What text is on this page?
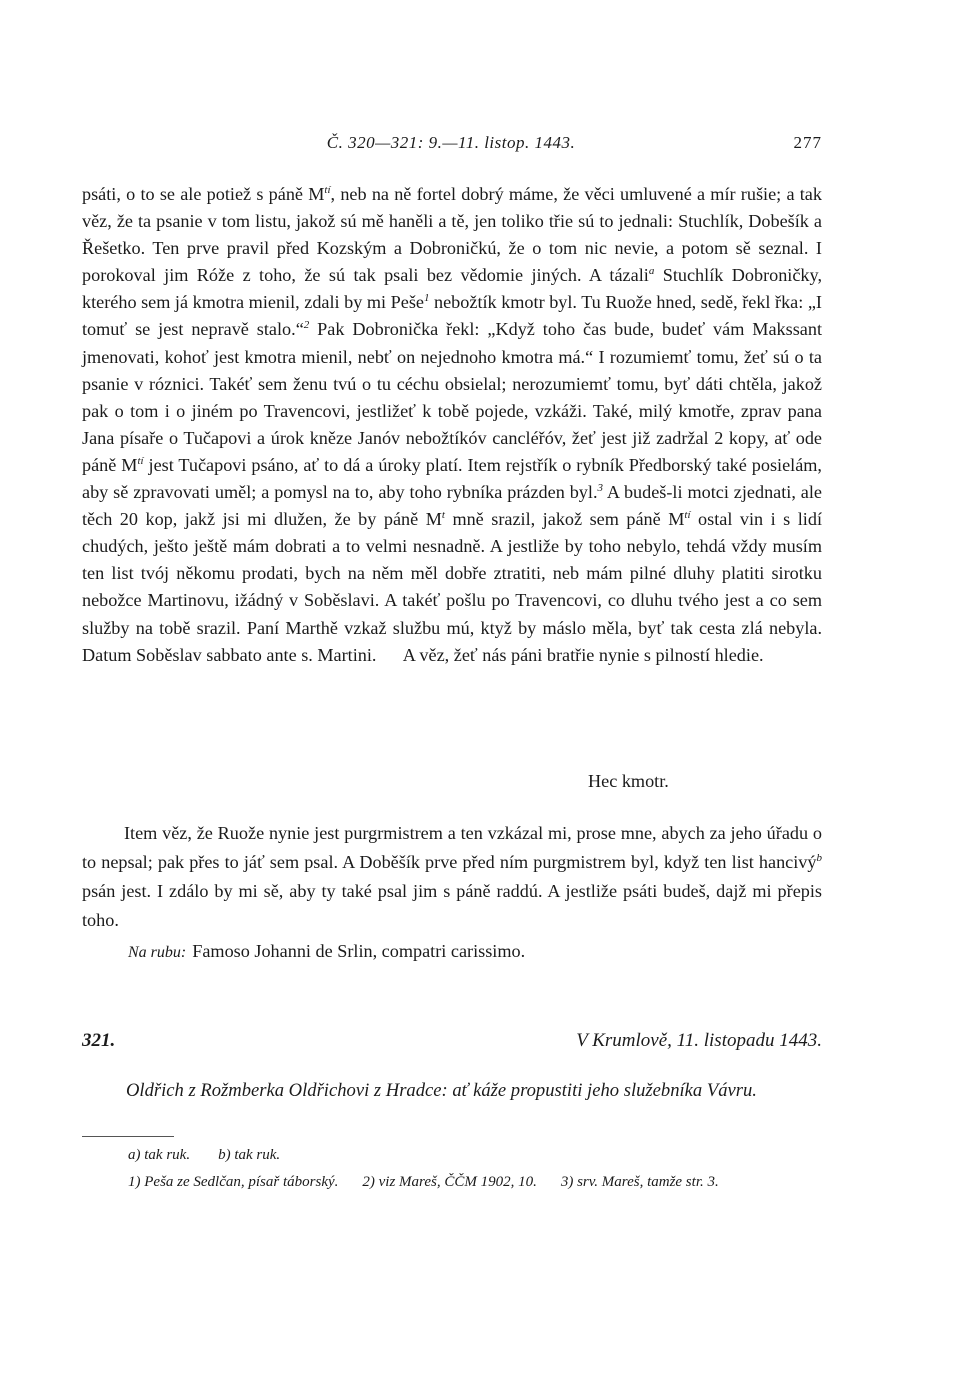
Č. 320—321: 9.—11. listop. 1443.	277

psáti, o to se ale potiež s páně $M^{tí}$, neb na ně fortel dobrý máme, že věci umluvené a mír rušie; a tak věz, že ta psanie v tom listu, jakož sú mě haněli a tě, jen toliko třie sú to jednali: Stuchlík, Dobešík a Řešetko. Ten prve pravil před Kozským a Dobroničkú, že o tom nic nevie, a potom sě seznal. I porokoval jim Róže z toho, že sú tak psali bez vědomie jiných. A tázali$^a$ Stuchlík Dobroničky, kterého sem já kmotra mienil, zdali by mi Peše$^1$ nebožtík kmotr byl. Tu Ruože hned, sedě, řekl řka: „I tomuť se jest nepravě stalo.“$^2$ Pak Dobronička řekl: „Když toho čas bude, budeť vám Makssant jmenovati, kohoť jest kmotra mienil, nebť on nejednoho kmotra má.“ I rozumiemť tomu, žeť sú o ta psanie v róznici. Takéť sem ženu tvú o tu céchu obsielal; nerozumiemť tomu, byť dáti chtěla, jakož pak o tom i o jiném po Travencovi, jestližeť k tobě pojede, vzkáži. Také, milý kmotře, zprav pana Jana písaře o Tučapovi a úrok kněze Janóv nebožtíkóv cancléřóv, žeť jest již zadržal 2 kopy, ať ode páně $M^{tí}$ jest Tučapovi psáno, ať to dá a úroky platí. Item rejstřík o rybník Předborský také posielám, aby sě zpravovati uměl; a pomysl na to, aby toho rybníka prázden byl.$^3$ A budeš-li motci zjednati, ale těch 20 kop, jakž jsi mi dlužen, že by páně $M^t$ mně srazil, jakož sem páně $M^{tí}$ ostal vin i s lidí chudých, ješto ještě mám dobrati a to velmi nesnadně. A jestliže by toho nebylo, tehdá vždy musím ten list tvój někomu prodati, bych na něm měl dobře ztratiti, neb mám pilné dluhy platiti sirotku nebožce Martinovu, ižádný v Soběslavi. A takéť pošlu po Travencovi, co dluhu tvého jest a co sem služby na tobě srazil. Paní Marthě vzkaž službu mú, ktyž by máslo měla, byť tak cesta zlá nebyla.      Datum Soběslav sabbato ante s. Martini.      A věz, žeť nás páni bratřie nynie s pilností hledie.

Hec kmotr.

Item věz, že Ruože nynie jest purgrmistrem a ten vzkázal mi, prose mne, abych za jeho úřadu o to nepsal; pak přes to jáť sem psal. A Doběšík prve před ním purgmistrem byl, když ten list hancivý$^b$ psán jest. I zdálo by mi sě, aby ty také psal jim s páně raddú. A jestliže psáti budeš, dajž mi přepis toho.

Na rubu: Famoso Johanni de Srlin, compatri carissimo.
321.	V Krumlově, 11. listopadu 1443.

Oldřich z Rožmberka Oldřichovi z Hradce: ať káže propustiti jeho služebníka Vávru.

a) tak ruk. b) tak ruk.
1) Peša ze Sedlčan, písař táborský. 2) viz Mareš, ČČM 1902, 10. 3) srv. Mareš, tamže str. 3.
